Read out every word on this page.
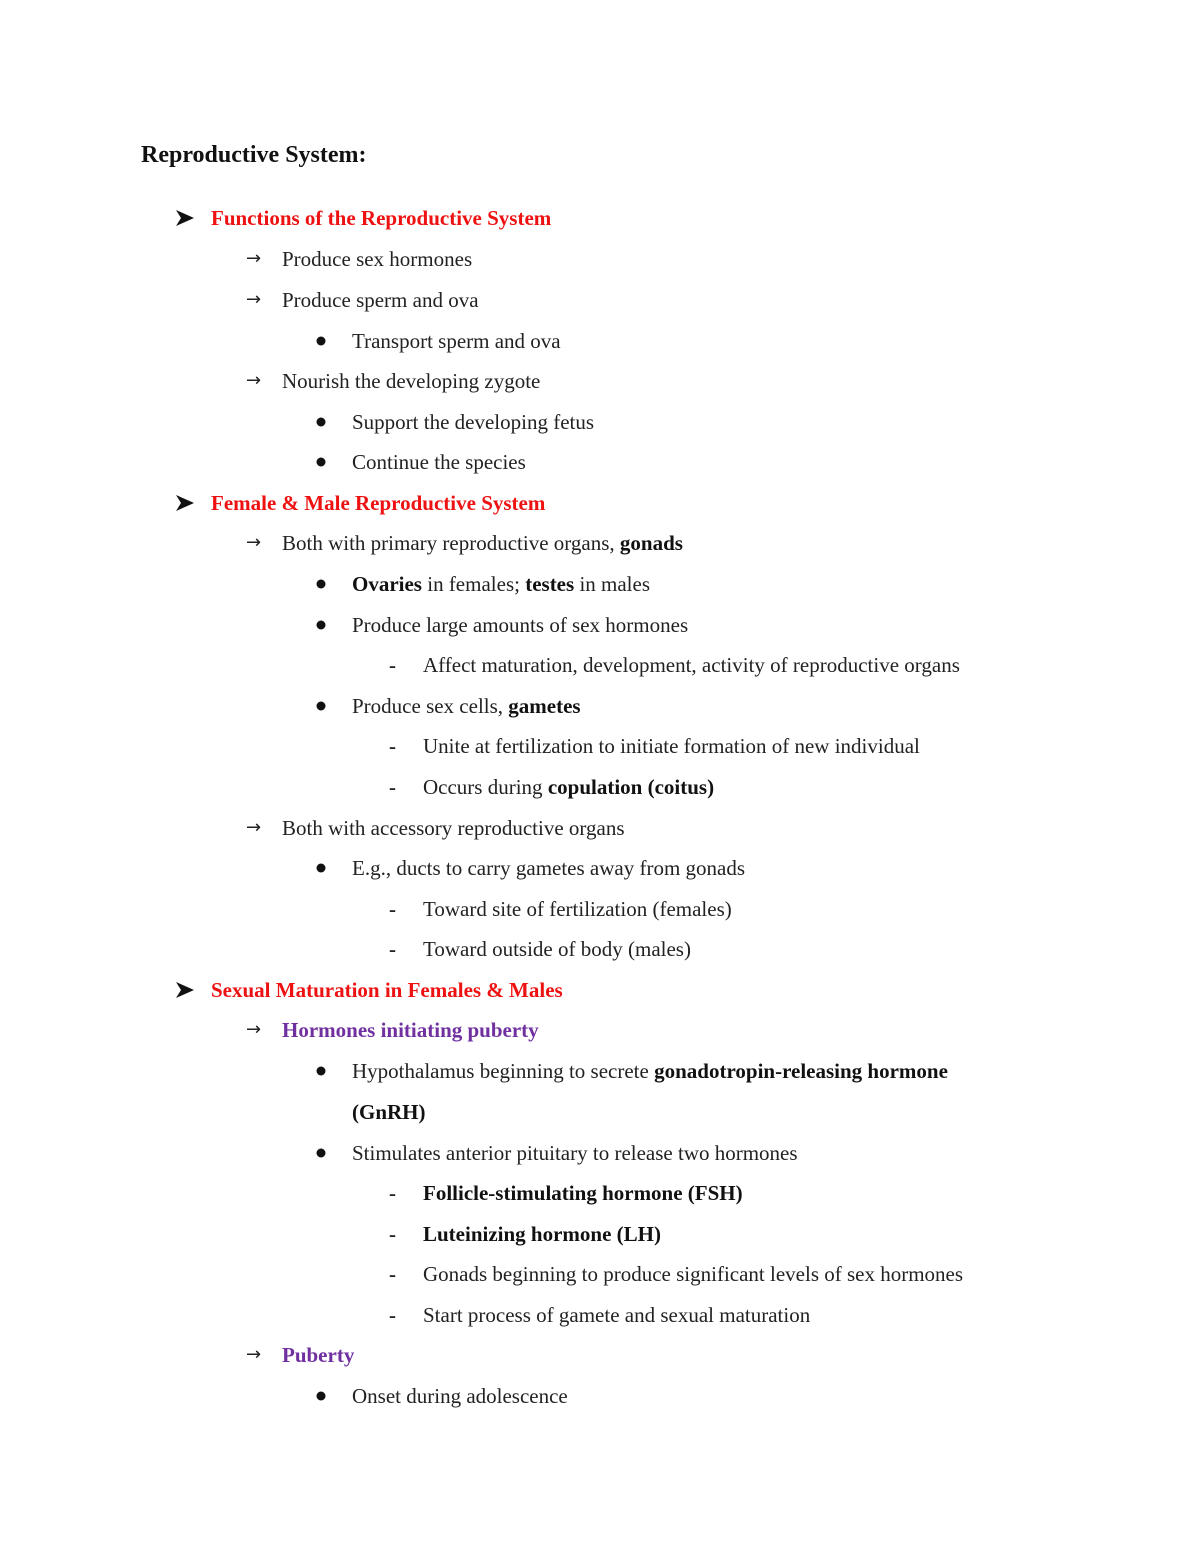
Reproductive System:
Functions of the Reproductive System
→ Produce sex hormones
→ Produce sperm and ova
Transport sperm and ova
→ Nourish the developing zygote
Support the developing fetus
Continue the species
Female & Male Reproductive System
→ Both with primary reproductive organs, gonads
Ovaries in females; testes in males
Produce large amounts of sex hormones
- Affect maturation, development, activity of reproductive organs
Produce sex cells, gametes
- Unite at fertilization to initiate formation of new individual
- Occurs during copulation (coitus)
→ Both with accessory reproductive organs
E.g., ducts to carry gametes away from gonads
- Toward site of fertilization (females)
- Toward outside of body (males)
Sexual Maturation in Females & Males
→ Hormones initiating puberty
Hypothalamus beginning to secrete gonadotropin-releasing hormone
(GnRH)
Stimulates anterior pituitary to release two hormones
- Follicle-stimulating hormone (FSH)
- Luteinizing hormone (LH)
- Gonads beginning to produce significant levels of sex hormones
- Start process of gamete and sexual maturation
→ Puberty
Onset during adolescence
